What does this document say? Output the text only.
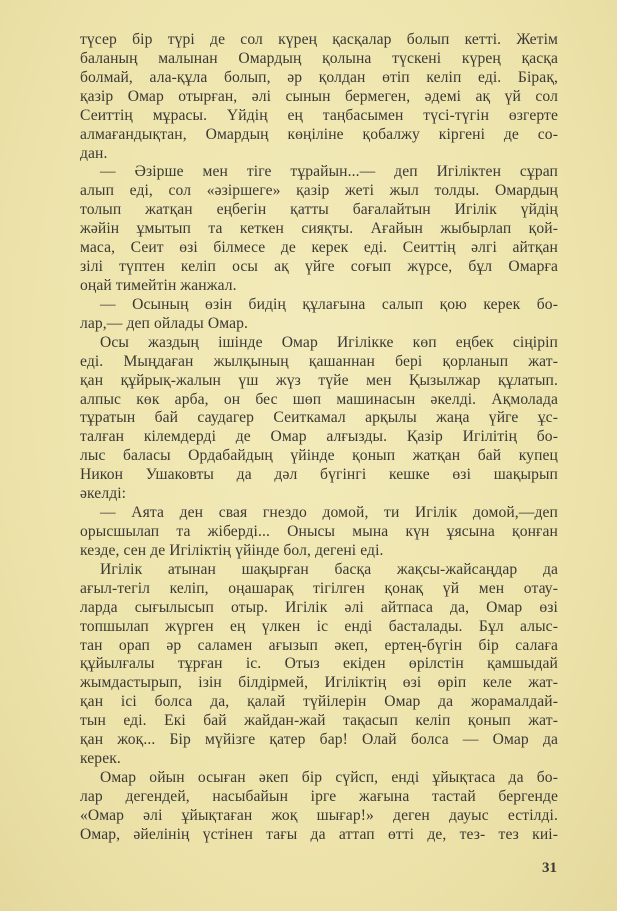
түсер бір түрі де сол күрең қасқалар болып кетті. Жетім
баланың малынан Омардың қолына түскені күрең қасқа
болмай, ала-құла болып, әр қолдан өтіп келіп еді. Бірақ,
қазір Омар отырған, әлі сынын бермеген, әдемі ақ үй сол
Сеиттің мұрасы. Үйдің ең таңбасымен түсі-түгін өзгерте
алмағандықтан, Омардың көңіліне қобалжу кіргені де со-
дан.
— Әзірше мен тіге тұрайын...— деп Игіліктен сұрап
алып еді, сол «әзіршеге» қазір жеті жыл толды. Омардың
толып жатқан еңбегін қатты бағалайтын Игілік үйдің
жәйін ұмытып та кеткен сияқты. Ағайын жыбырлап қой-
маса, Сеит өзі білмесе де керек еді. Сеиттің әлгі айтқан
зілі түптен келіп осы ақ үйге соғып жүрсе, бұл Омарға
оңай тимейтін жанжал.
— Осының өзін бидің құлағына салып қою керек бо-
лар,— деп ойлады Омар.
Осы жаздың ішінде Омар Игілікке көп еңбек сіңіріп
еді. Мыңдаған жылқының қашаннан бері қорланып жат-
қан құйрық-жалын үш жүз түйе мен Қызылжар құлатып.
алпыс көк арба, он бес шөп машинасын әкелді. Ақмолада
тұратын бай саудагер Сеиткамал арқылы жаңа үйге ұс-
талған кілемдерді де Омар алғызды. Қазір Игілітің бо-
лыс баласы Ордабайдың үйінде қонып жатқан бай купец
Никон Ушаковты да дәл бүгінгі кешке өзі шақырып
әкелді:
— Аята ден свая гнездо домой, ти Игілік домой,—деп
орысшылап та жіберді... Онысы мына күн ұясына қонған
кезде, сен де Игіліктің үйінде бол, дегені еді.
Игілік атынан шақырған басқа жақсы-жайсаңдар да
ағыл-тегіл келіп, оңашарақ тігілген қонақ үй мен отау-
ларда сығылысып отыр. Игілік әлі айтпаса да, Омар өзі
топшылап жүрген ең үлкен іс енді басталады. Бұл алыс-
тан орап әр саламен ағызып әкеп, ертең-бүгін бір салаға
құйылғалы тұрған іс. Отыз екіден өрілстін қамшыдай
жымдастырып, ізін білдірмей, Игіліктің өзі өріп келе жат-
қан ісі болса да, қалай түйілерін Омар да жорамалдай-
тын еді. Екі бай жайдан-жай тақасып келіп қонып жат-
қан жоқ... Бір мүйізге қатер бар! Олай болса — Омар да
керек.
Омар ойын осыған әкеп бір сүйсп, енді ұйықтаса да бо-
лар дегендей, насыбайын ірге жағына тастай бергенде
«Омар әлі ұйықтаған жоқ шығар!» деген дауыс естілді.
Омар, әйелінің үстінен тағы да аттап өтті де, тез- тез киі-
31
